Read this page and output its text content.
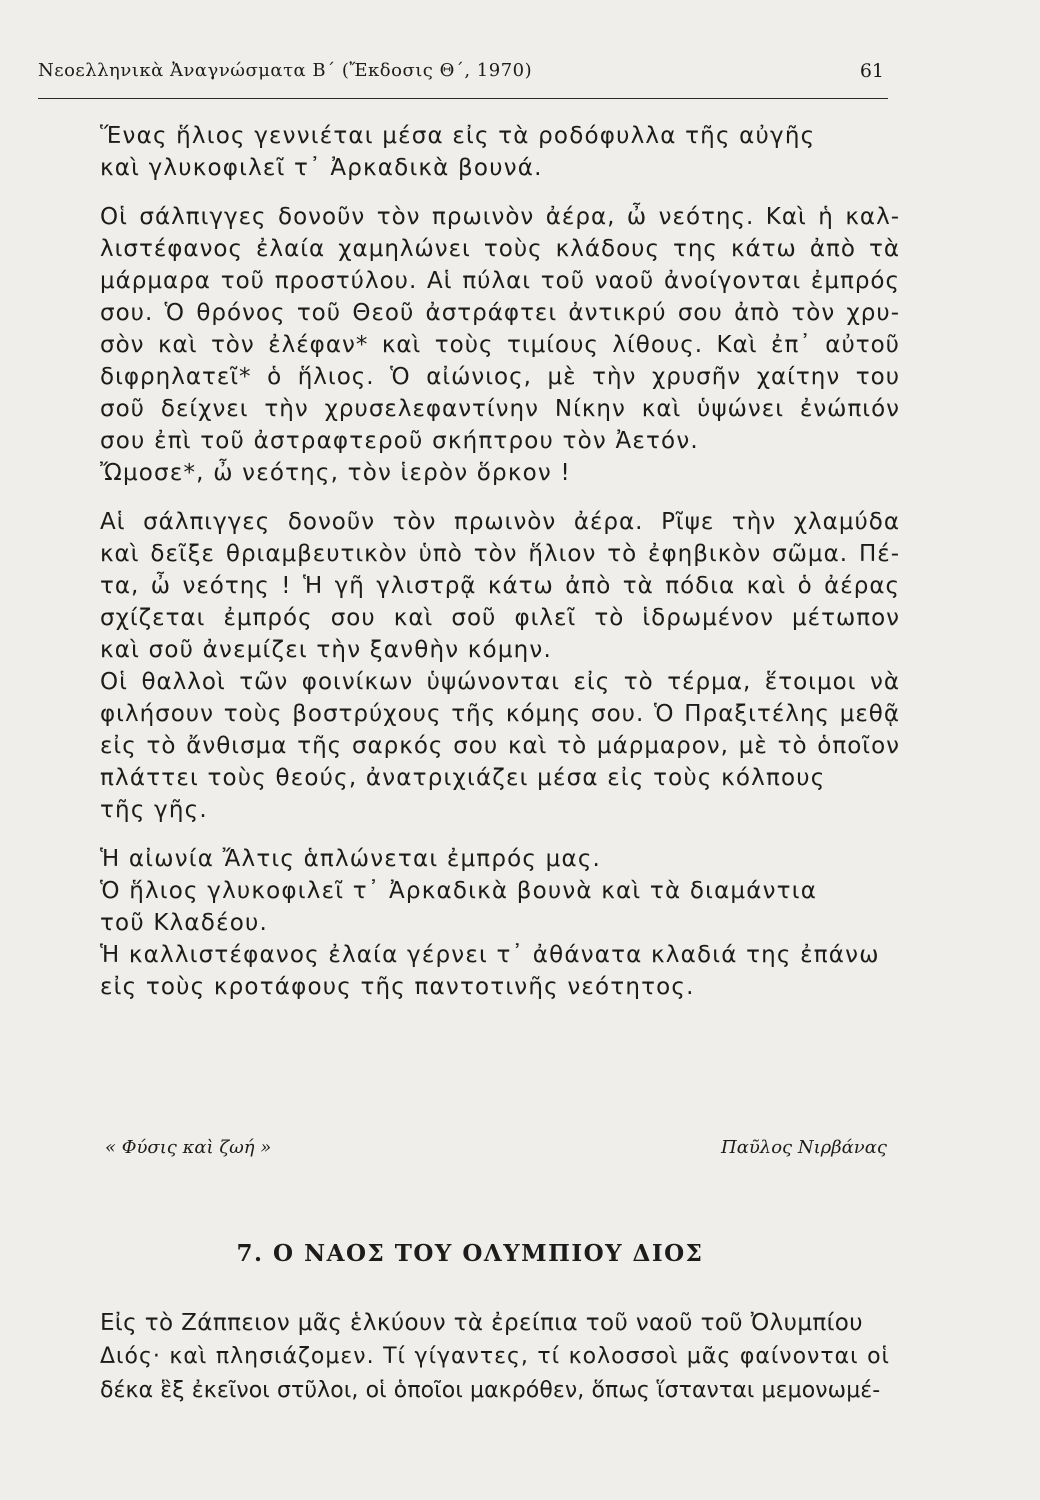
Νεοελληνικὰ Ἀναγνώσματα Β΄ (Ἔκδοσις Θ΄, 1970)	61
Ἕνας ἥλιος γεννιέται μέσα εἰς τὰ ροδόφυλλα τῆς αὐγῆς
καὶ γλυκοφιλεῖ τ᾽ Ἀρκαδικὰ βουνά.
Οἱ σάλπιγγες δονοῦν τὸν πρωινὸν ἀέρα, ὦ νεότης. Καὶ ἡ καλ-
λιστέφανος ἐλαία χαμηλώνει τοὺς κλάδους της κάτω ἀπὸ τὰ
μάρμαρα τοῦ προστύλου. Αἱ πύλαι τοῦ ναοῦ ἀνοίγονται ἐμπρός
σου. Ὁ θρόνος τοῦ Θεοῦ ἀστράφτει ἀντικρύ σου ἀπὸ τὸν χρυ-
σὸν καὶ τὸν ἐλέφαν* καὶ τοὺς τιμίους λίθους. Καὶ ἐπ᾽ αὐτοῦ
διφρηλατεῖ* ὁ ἥλιος. Ὁ αἰώνιος, μὲ τὴν χρυσῆν χαίτην του
σοῦ δείχνει τὴν χρυσελεφαντίνην Νίκην καὶ ὑψώνει ἐνώπιόν
σου ἐπὶ τοῦ ἀστραφτεροῦ σκήπτρου τὸν Ἀετόν.
Ὤμοσε*, ὦ νεότης, τὸν ἱερὸν ὅρκον !
Αἱ σάλπιγγες δονοῦν τὸν πρωινὸν ἀέρα. Ρῖψε τὴν χλαμύδα
καὶ δεῖξε θριαμβευτικὸν ὑπὸ τὸν ἥλιον τὸ ἐφηβικὸν σῶμα. Πέ-
τα, ὦ νεότης ! Ἡ γῆ γλιστρᾷ κάτω ἀπὸ τὰ πόδια καὶ ὁ ἀέρας
σχίζεται ἐμπρός σου καὶ σοῦ φιλεῖ τὸ ἱδρωμένον μέτωπον
καὶ σοῦ ἀνεμίζει τὴν ξανθὴν κόμην.
Οἱ θαλλοὶ τῶν φοινίκων ὑψώνονται εἰς τὸ τέρμα, ἕτοιμοι νὰ
φιλήσουν τοὺς βοστρύχους τῆς κόμης σου. Ὁ Πραξιτέλης μεθᾷ
εἰς τὸ ἄνθισμα τῆς σαρκός σου καὶ τὸ μάρμαρον, μὲ τὸ ὁποῖον
πλάττει τοὺς θεούς, ἀνατριχιάζει μέσα εἰς τοὺς κόλπους
τῆς γῆς.
Ἡ αἰωνία Ἄλτις ἁπλώνεται ἐμπρός μας.
Ὁ ἥλιος γλυκοφιλεῖ τ᾽ Ἀρκαδικὰ βουνὰ καὶ τὰ διαμάντια
τοῦ Κλαδέου.
Ἡ καλλιστέφανος ἐλαία γέρνει τ᾽ ἀθάνατα κλαδιά της ἐπάνω
εἰς τοὺς κροτάφους τῆς παντοτινῆς νεότητος.
« Φύσις καὶ ζωή »	Παῦλος Νιρβάνας
7. Ο ΝΑΟΣ ΤΟΥ ΟΛΥΜΠΙΟΥ ΔΙΟΣ
Εἰς τὸ Ζάππειον μᾶς ἑλκύουν τὰ ἐρείπια τοῦ ναοῦ τοῦ Ὀλυμπίου
Διός· καὶ πλησιάζομεν. Τί γίγαντες, τί κολοσσοὶ μᾶς φαίνονται οἱ
δέκα ἓξ ἐκεῖνοι στῦλοι, οἱ ὁποῖοι μακρόθεν, ὅπως ἵστανται μεμονωμέ-
